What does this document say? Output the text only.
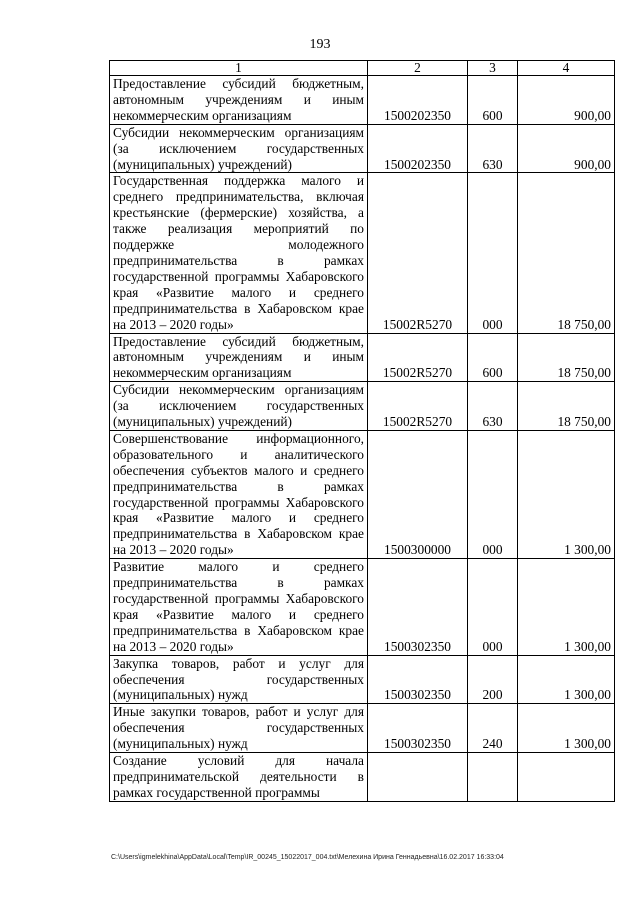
193
1	2	3	4
Предоставление субсидий бюджетным, автономным учреждениям и иным некоммерческим организациям	1500202350	600	900,00
Субсидии некоммерческим организациям (за исключением государственных (муниципальных) учреждений)	1500202350	630	900,00
Государственная поддержка малого и среднего предпринимательства, включая крестьянские (фермерские) хозяйства, а также реализация мероприятий по поддержке молодежного предпринимательства в рамках государственной программы Хабаровского края «Развитие малого и среднего предпринимательства в Хабаровском крае на 2013 – 2020 годы»	15002R5270	000	18 750,00
Предоставление субсидий бюджетным, автономным учреждениям и иным некоммерческим организациям	15002R5270	600	18 750,00
Субсидии некоммерческим организациям (за исключением государственных (муниципальных) учреждений)	15002R5270	630	18 750,00
Совершенствование информационного, образовательного и аналитического обеспечения субъектов малого и среднего предпринимательства в рамках государственной программы Хабаровского края «Развитие малого и среднего предпринимательства в Хабаровском крае на 2013 – 2020 годы»	1500300000	000	1 300,00
Развитие малого и среднего предпринимательства в рамках государственной программы Хабаровского края «Развитие малого и среднего предпринимательства в Хабаровском крае на 2013 – 2020 годы»	1500302350	000	1 300,00
Закупка товаров, работ и услуг для обеспечения государственных (муниципальных) нужд	1500302350	200	1 300,00
Иные закупки товаров, работ и услуг для обеспечения государственных (муниципальных) нужд	1500302350	240	1 300,00
Создание условий для начала предпринимательской деятельности в рамках государственной программы			
C:\Users\igmelekhina\AppData\Local\Temp\IR_00245_15022017_004.txt\Мелехина Ирина Геннадьевна\16.02.2017 16:33:04
